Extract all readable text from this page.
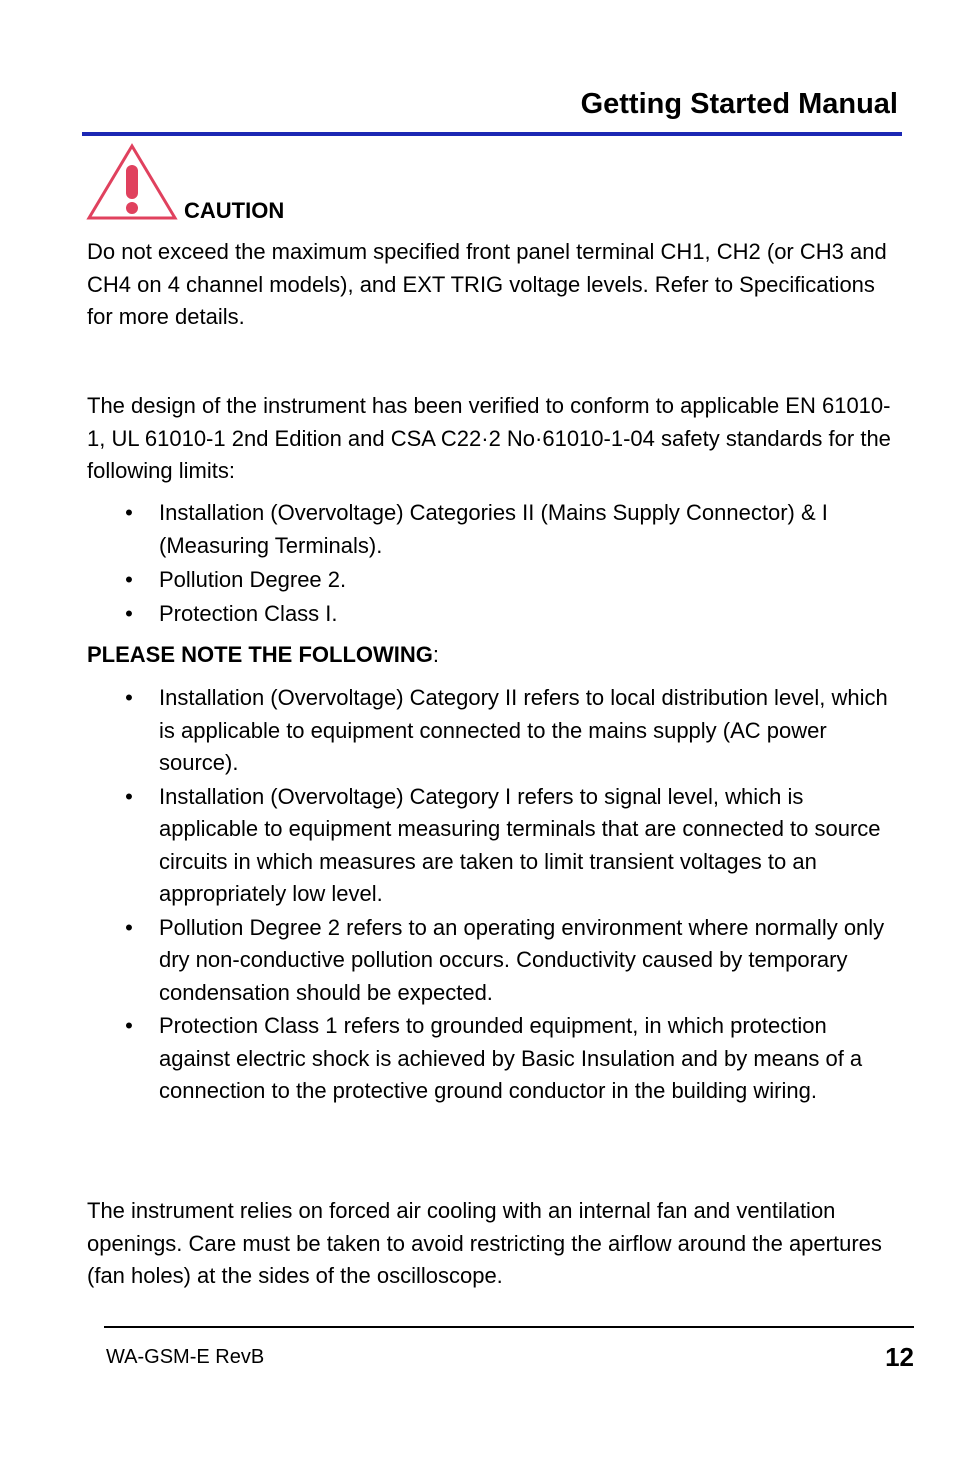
Getting Started Manual
CAUTION

Do not exceed the maximum specified front panel terminal CH1, CH2 (or CH3 and CH4 on 4 channel models), and EXT TRIG voltage levels. Refer to Specifications for more details.

The design of the instrument has been verified to conform to applicable EN 61010-1, UL 61010-1 2nd Edition and CSA C22·2 No·61010-1-04 safety standards for the following limits:

• Installation (Overvoltage) Categories II (Mains Supply Connector) & I (Measuring Terminals).
• Pollution Degree 2.
• Protection Class I.
PLEASE NOTE THE FOLLOWING:
• Installation (Overvoltage) Category II refers to local distribution level, which is applicable to equipment connected to the mains supply (AC power source).
• Installation (Overvoltage) Category I refers to signal level, which is applicable to equipment measuring terminals that are connected to source circuits in which measures are taken to limit transient voltages to an appropriately low level.
• Pollution Degree 2 refers to an operating environment where normally only dry non-conductive pollution occurs. Conductivity caused by temporary condensation should be expected.
• Protection Class 1 refers to grounded equipment, in which protection against electric shock is achieved by Basic Insulation and by means of a connection to the protective ground conductor in the building wiring.

The instrument relies on forced air cooling with an internal fan and ventilation openings. Care must be taken to avoid restricting the airflow around the apertures (fan holes) at the sides of the oscilloscope.

WA-GSM-E RevB	12
